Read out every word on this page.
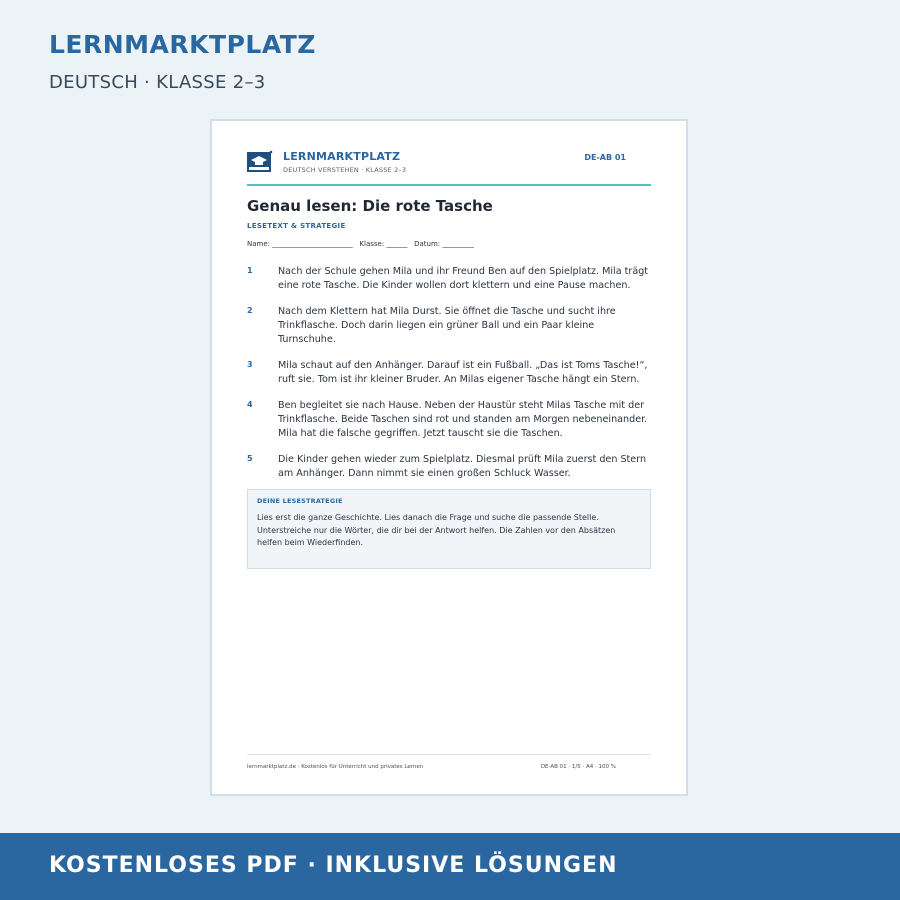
LERNMARKTPLATZ
DEUTSCH · KLASSE 2–3
LERNMARKTPLATZ
DEUTSCH VERSTEHEN · KLASSE 2–3
DE-AB 01
Genau lesen: Die rote Tasche
LESETEXT & STRATEGIE
Name: _______________________   Klasse: ______   Datum: _________
1	Nach der Schule gehen Mila und ihr Freund Ben auf den Spielplatz. Mila trägt eine rote Tasche. Die Kinder wollen dort klettern und eine Pause machen.
2	Nach dem Klettern hat Mila Durst. Sie öffnet die Tasche und sucht ihre Trinkflasche. Doch darin liegen ein grüner Ball und ein Paar kleine Turnschuhe.
3	Mila schaut auf den Anhänger. Darauf ist ein Fußball. „Das ist Toms Tasche!“, ruft sie. Tom ist ihr kleiner Bruder. An Milas eigener Tasche hängt ein Stern.
4	Ben begleitet sie nach Hause. Neben der Haustür steht Milas Tasche mit der Trinkflasche. Beide Taschen sind rot und standen am Morgen nebeneinander. Mila hat die falsche gegriffen. Jetzt tauscht sie die Taschen.
5	Die Kinder gehen wieder zum Spielplatz. Diesmal prüft Mila zuerst den Stern am Anhänger. Dann nimmt sie einen großen Schluck Wasser.
DEINE LESESTRATEGIE
Lies erst die ganze Geschichte. Lies danach die Frage und suche die passende Stelle. Unterstreiche nur die Wörter, die dir bei der Antwort helfen. Die Zahlen vor den Absätzen helfen beim Wiederfinden.
lernmarktplatz.de · Kostenlos für Unterricht und privates Lernen	DE-AB 01 · 1/5 · A4 · 100 %
KOSTENLOSES PDF · INKLUSIVE LÖSUNGEN
